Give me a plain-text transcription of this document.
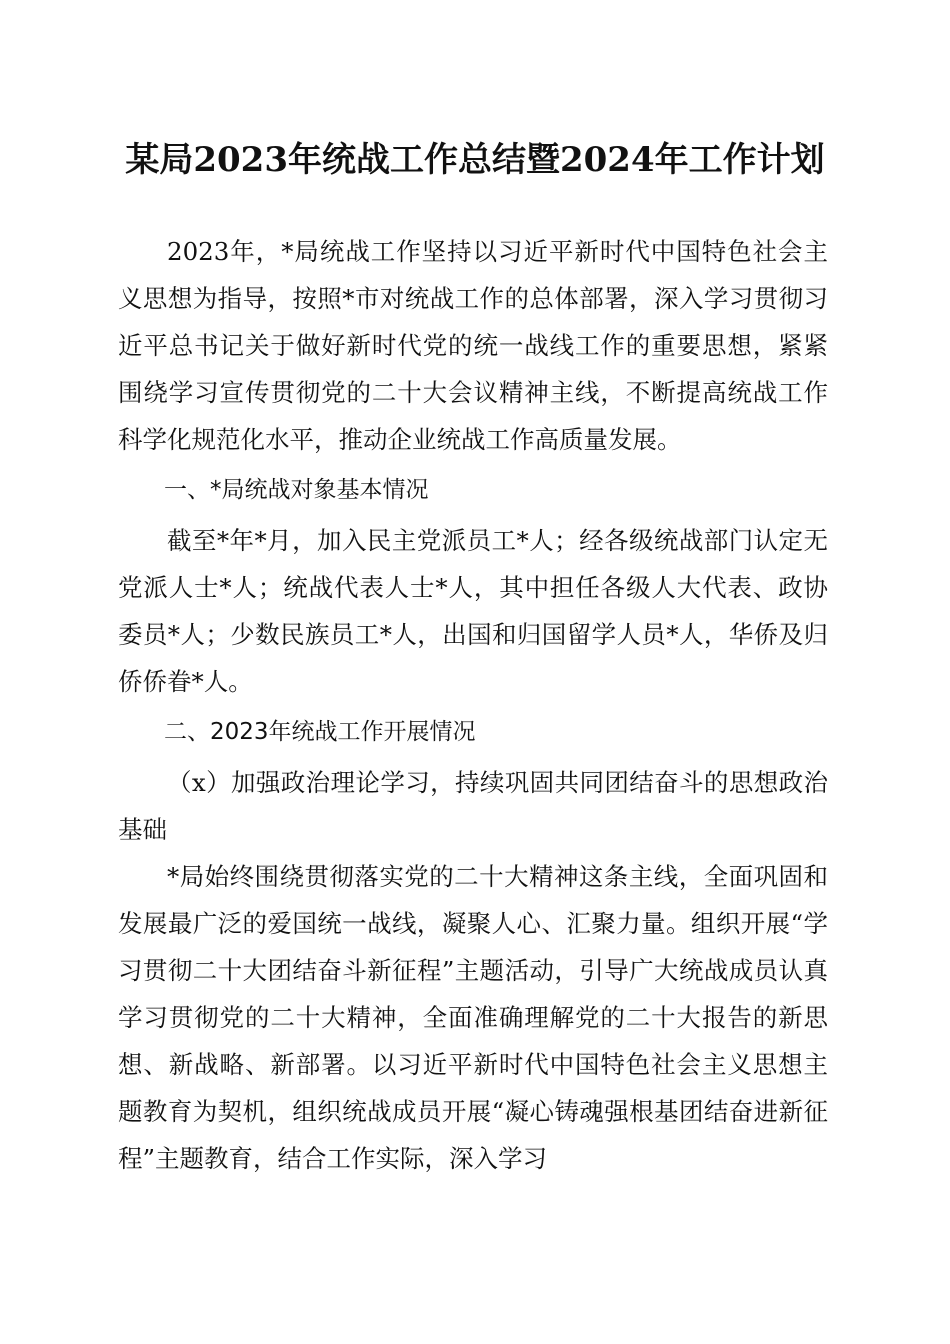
某局2023年统战工作总结暨2024年工作计划

2023年，*局统战工作坚持以习近平新时代中国特色社会主义思想为指导，按照*市对统战工作的总体部署，深入学习贯彻习近平总书记关于做好新时代党的统一战线工作的重要思想，紧紧围绕学习宣传贯彻党的二十大会议精神主线，不断提高统战工作科学化规范化水平，推动企业统战工作高质量发展。

一、*局统战对象基本情况

截至*年*月，加入民主党派员工*人；经各级统战部门认定无党派人士*人；统战代表人士*人，其中担任各级人大代表、政协委员*人；少数民族员工*人，出国和归国留学人员*人，华侨及归侨侨眷*人。

二、2023年统战工作开展情况

（x）加强政治理论学习，持续巩固共同团结奋斗的思想政治基础

*局始终围绕贯彻落实党的二十大精神这条主线，全面巩固和发展最广泛的爱国统一战线，凝聚人心、汇聚力量。组织开展“学习贯彻二十大团结奋斗新征程”主题活动，引导广大统战成员认真学习贯彻党的二十大精神，全面准确理解党的二十大报告的新思想、新战略、新部署。以习近平新时代中国特色社会主义思想主题教育为契机，组织统战成员开展“凝心铸魂强根基团结奋进新征程”主题教育，结合工作实际，深入学习
